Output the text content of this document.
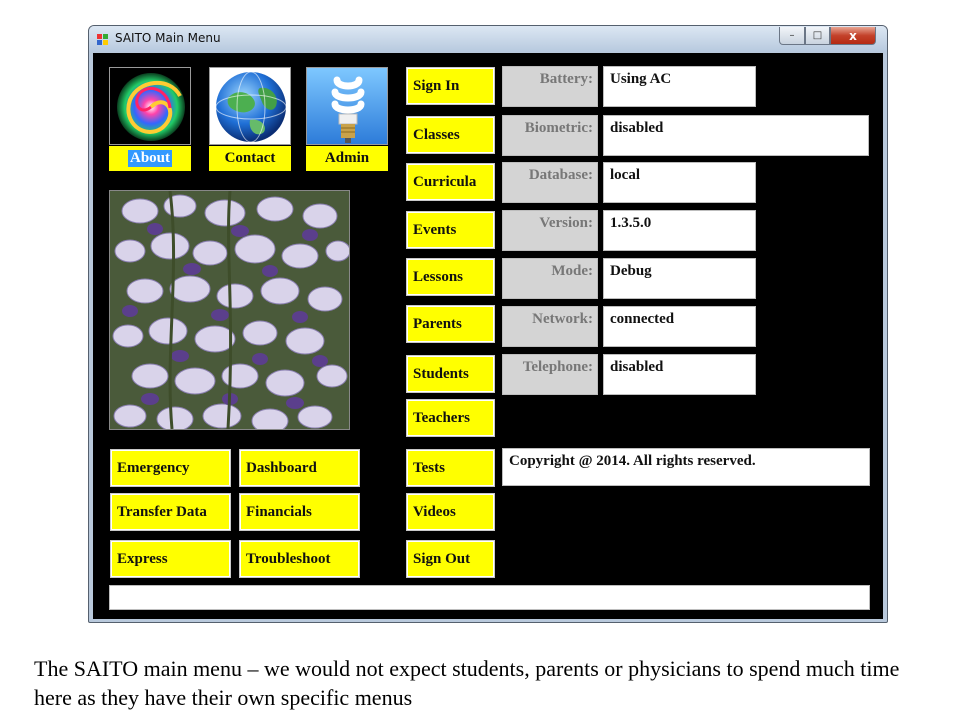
SAITO Main Menu	– □ x
About	Contact	Admin
Emergency	Dashboard
Transfer Data	Financials
Express	Troubleshoot
Sign In
Classes
Curricula
Events
Lessons
Parents
Students
Teachers
Tests
Videos
Sign Out
Battery:	Using AC
Biometric:	disabled
Database:	local
Version:	1.3.5.0
Mode:	Debug
Network:	connected
Telephone:	disabled
Copyright @ 2014. All rights reserved.
The SAITO main menu – we would not expect students, parents or physicians to spend much time here as they have their own specific menus
